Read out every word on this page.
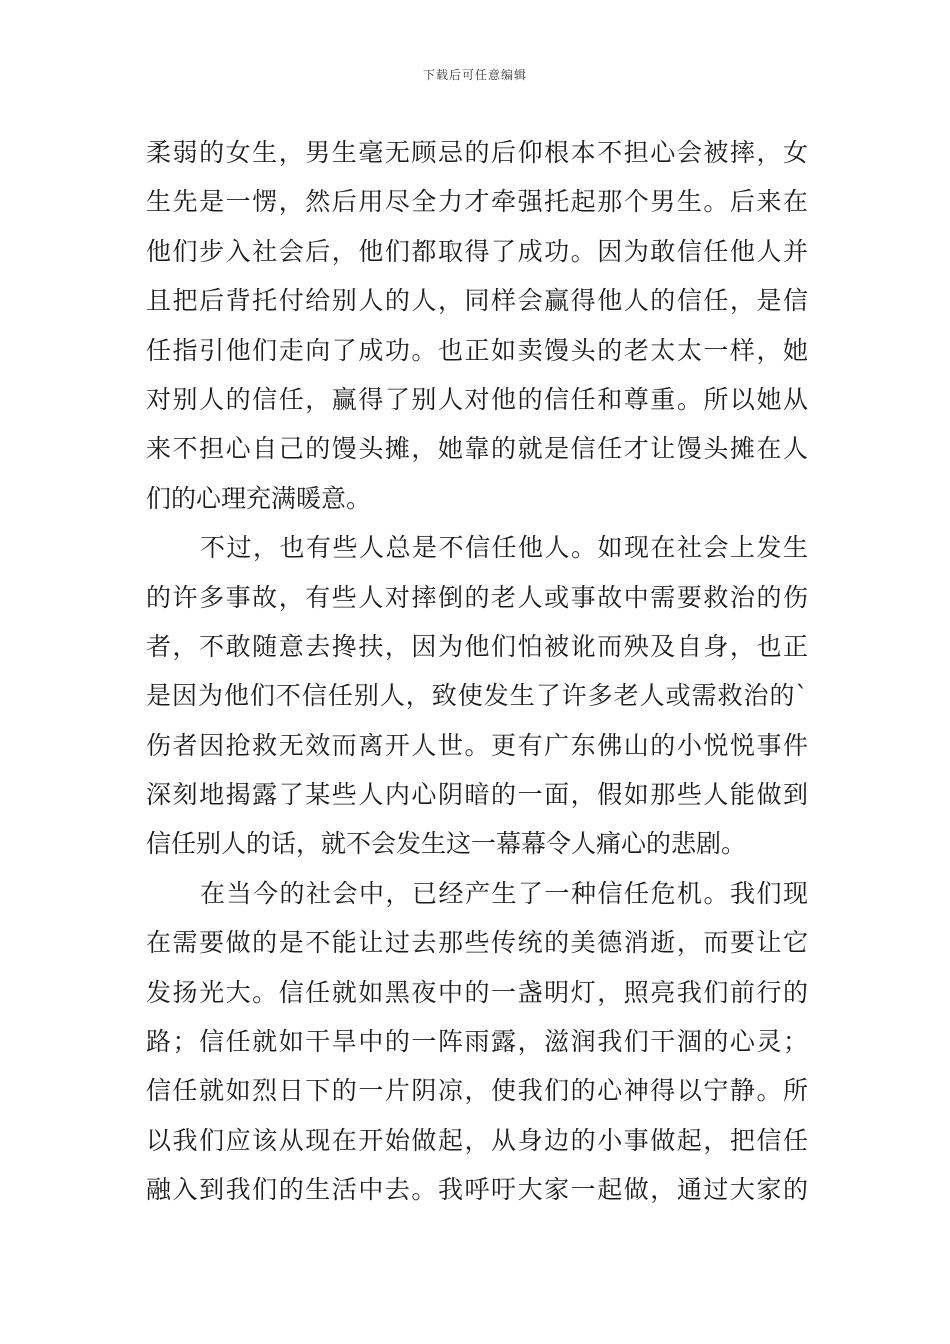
下载后可任意编辑
柔弱的女生，男生毫无顾忌的后仰根本不担心会被摔，女
生先是一愣，然后用尽全力才牵强托起那个男生。后来在
他们步入社会后，他们都取得了成功。因为敢信任他人并
且把后背托付给别人的人，同样会赢得他人的信任，是信
任指引他们走向了成功。也正如卖馒头的老太太一样，她
对别人的信任，赢得了别人对他的信任和尊重。所以她从
来不担心自己的馒头摊，她靠的就是信任才让馒头摊在人
们的心理充满暖意。
不过，也有些人总是不信任他人。如现在社会上发生
的许多事故，有些人对摔倒的老人或事故中需要救治的伤
者，不敢随意去搀扶，因为他们怕被讹而殃及自身，也正
是因为他们不信任别人，致使发生了许多老人或需救治的`
伤者因抢救无效而离开人世。更有广东佛山的小悦悦事件
深刻地揭露了某些人内心阴暗的一面，假如那些人能做到
信任别人的话，就不会发生这一幕幕令人痛心的悲剧。
在当今的社会中，已经产生了一种信任危机。我们现
在需要做的是不能让过去那些传统的美德消逝，而要让它
发扬光大。信任就如黑夜中的一盏明灯，照亮我们前行的
路；信任就如干旱中的一阵雨露，滋润我们干涸的心灵；
信任就如烈日下的一片阴凉，使我们的心神得以宁静。所
以我们应该从现在开始做起，从身边的小事做起，把信任
融入到我们的生活中去。我呼吁大家一起做，通过大家的
